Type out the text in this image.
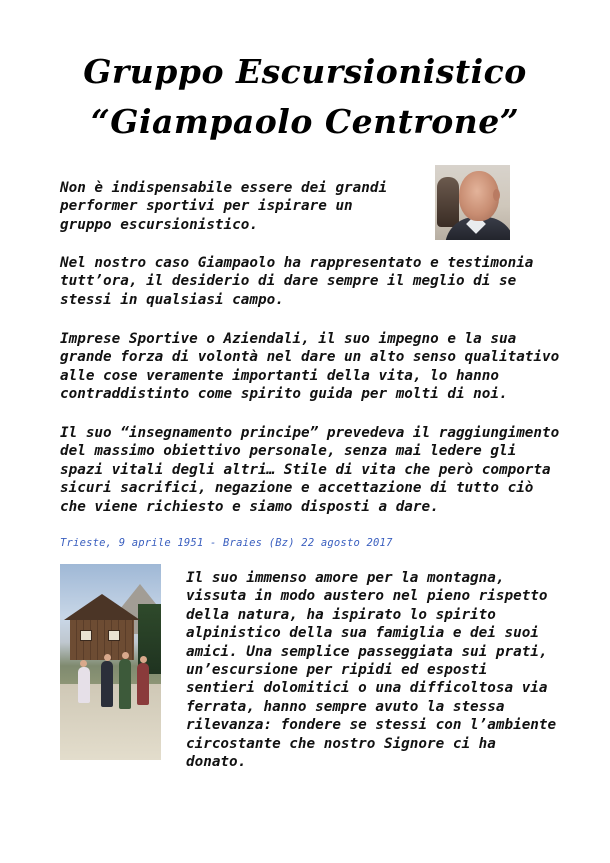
Gruppo Escursionistico
“Giampaolo Centrone”

Non è indispensabile essere dei grandi performer sportivi per ispirare un gruppo escursionistico.

Nel nostro caso Giampaolo ha rappresentato e testimonia tutt’ora, il desiderio di dare sempre il meglio di se stessi in qualsiasi campo.

Imprese Sportive o Aziendali, il suo impegno e la sua grande forza di volontà nel dare un alto senso qualitativo alle cose veramente importanti della vita, lo hanno contraddistinto come spirito guida per molti di noi.

Il suo “insegnamento principe” prevedeva il raggiungimento del massimo obiettivo personale, senza mai ledere gli spazi vitali degli altri… Stile di vita che però comporta sicuri sacrifici, negazione e accettazione di tutto ciò che viene richiesto e siamo disposti a dare.

Trieste, 9 aprile 1951 - Braies (Bz) 22 agosto 2017

Il suo immenso amore per la montagna, vissuta in modo austero nel pieno rispetto della natura, ha ispirato lo spirito alpinistico della sua famiglia e dei suoi amici. Una semplice passeggiata sui prati, un’escursione per ripidi ed esposti sentieri dolomitici o una difficoltosa via ferrata, hanno sempre avuto la stessa rilevanza: fondere se stessi con l’ambiente circostante che nostro Signore ci ha donato.
